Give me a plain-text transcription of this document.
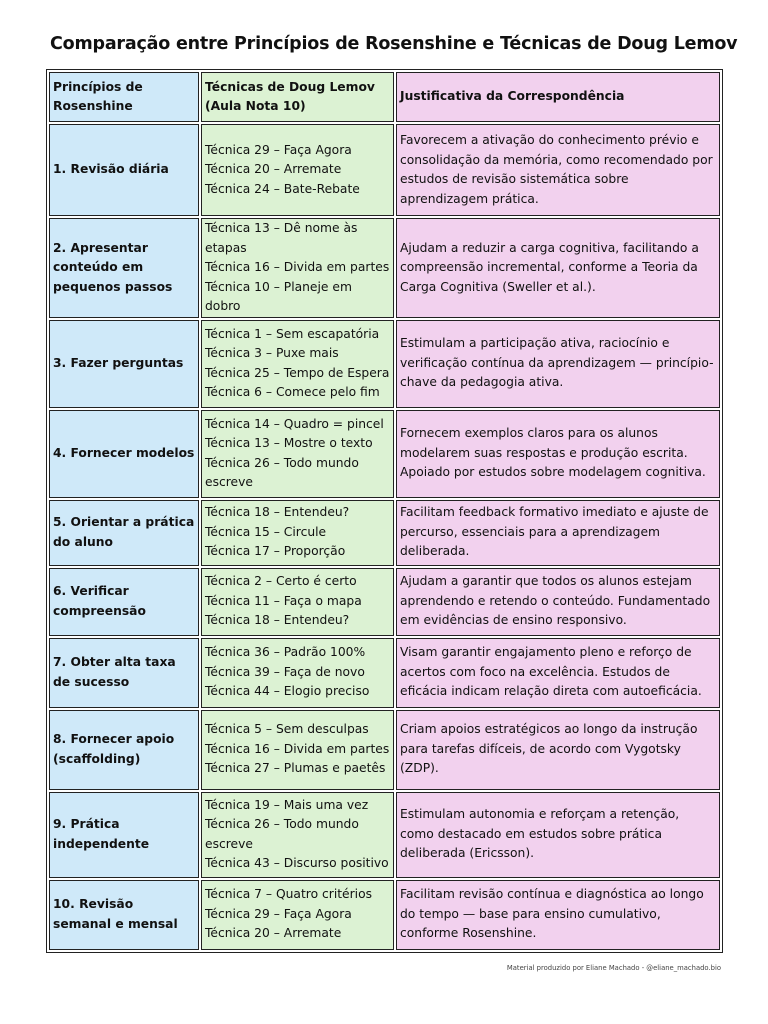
Comparação entre Princípios de Rosenshine e Técnicas de Doug Lemov
Princípios de Rosenshine	Técnicas de Doug Lemov (Aula Nota 10)	Justificativa da Correspondência
1. Revisão diária	Técnica 29 – Faça Agora
Técnica 20 – Arremate
Técnica 24 – Bate-Rebate	Favorecem a ativação do conhecimento prévio e consolidação da memória, como recomendado por estudos de revisão sistemática sobre aprendizagem prática.
2. Apresentar conteúdo em pequenos passos	Técnica 13 – Dê nome às etapas
Técnica 16 – Divida em partes
Técnica 10 – Planeje em dobro	Ajudam a reduzir a carga cognitiva, facilitando a compreensão incremental, conforme a Teoria da Carga Cognitiva (Sweller et al.).
3. Fazer perguntas	Técnica 1 – Sem escapatória
Técnica 3 – Puxe mais
Técnica 25 – Tempo de Espera
Técnica 6 – Comece pelo fim	Estimulam a participação ativa, raciocínio e verificação contínua da aprendizagem — princípio-chave da pedagogia ativa.
4. Fornecer modelos	Técnica 14 – Quadro = pincel
Técnica 13 – Mostre o texto
Técnica 26 – Todo mundo escreve	Fornecem exemplos claros para os alunos modelarem suas respostas e produção escrita. Apoiado por estudos sobre modelagem cognitiva.
5. Orientar a prática do aluno	Técnica 18 – Entendeu?
Técnica 15 – Circule
Técnica 17 – Proporção	Facilitam feedback formativo imediato e ajuste de percurso, essenciais para a aprendizagem deliberada.
6. Verificar compreensão	Técnica 2 – Certo é certo
Técnica 11 – Faça o mapa
Técnica 18 – Entendeu?	Ajudam a garantir que todos os alunos estejam aprendendo e retendo o conteúdo. Fundamentado em evidências de ensino responsivo.
7. Obter alta taxa de sucesso	Técnica 36 – Padrão 100%
Técnica 39 – Faça de novo
Técnica 44 – Elogio preciso	Visam garantir engajamento pleno e reforço de acertos com foco na excelência. Estudos de eficácia indicam relação direta com autoeficácia.
8. Fornecer apoio (scaffolding)	Técnica 5 – Sem desculpas
Técnica 16 – Divida em partes
Técnica 27 – Plumas e paetês	Criam apoios estratégicos ao longo da instrução para tarefas difíceis, de acordo com Vygotsky (ZDP).
9. Prática independente	Técnica 19 – Mais uma vez
Técnica 26 – Todo mundo escreve
Técnica 43 – Discurso positivo	Estimulam autonomia e reforçam a retenção, como destacado em estudos sobre prática deliberada (Ericsson).
10. Revisão semanal e mensal	Técnica 7 – Quatro critérios
Técnica 29 – Faça Agora
Técnica 20 – Arremate	Facilitam revisão contínua e diagnóstica ao longo do tempo — base para ensino cumulativo, conforme Rosenshine.
Material produzido por Eliane Machado - @eliane_machado.bio
